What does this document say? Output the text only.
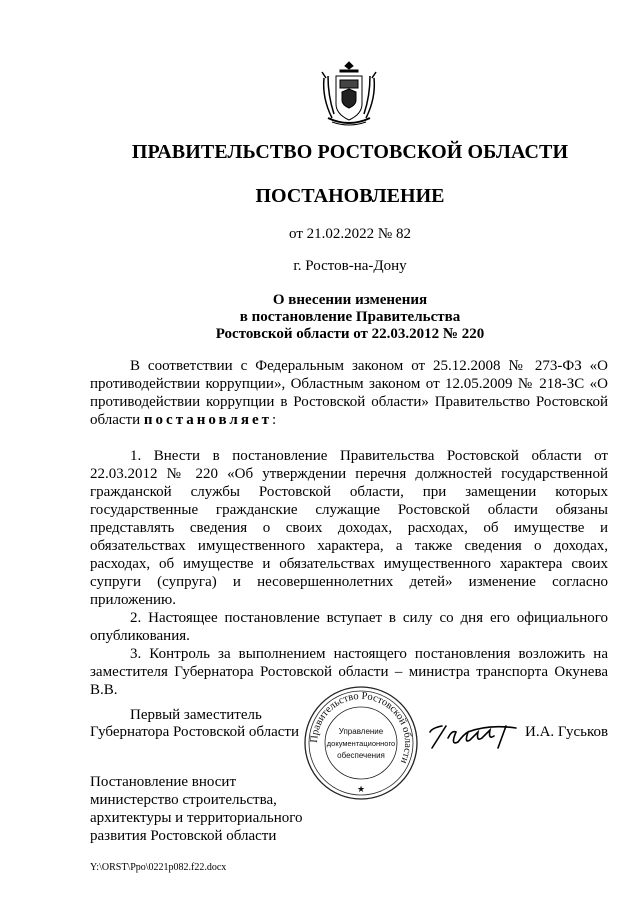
ПРАВИТЕЛЬСТВО РОСТОВСКОЙ ОБЛАСТИ
ПОСТАНОВЛЕНИЕ
от 21.02.2022 № 82
г. Ростов-на-Дону
О внесении изменения
в постановление Правительства
Ростовской области от 22.03.2012 № 220

В соответствии с Федеральным законом от 25.12.2008 № 273-ФЗ «О противодействии коррупции», Областным законом от 12.05.2009 № 218-ЗС «О противодействии коррупции в Ростовской области» Правительство Ростовской области постановляет:

1. Внести в постановление Правительства Ростовской области от 22.03.2012 № 220 «Об утверждении перечня должностей государственной гражданской службы Ростовской области, при замещении которых государственные гражданские служащие Ростовской области обязаны представлять сведения о своих доходах, расходах, об имуществе и обязательствах имущественного характера, а также сведения о доходах, расходах, об имуществе и обязательствах имущественного характера своих супруги (супруга) и несовершеннолетних детей» изменение согласно приложению.

2. Настоящее постановление вступает в силу со дня его официального опубликования.

3. Контроль за выполнением настоящего постановления возложить на заместителя Губернатора Ростовской области – министра транспорта Окунева В.В.

Первый заместитель
Губернатора Ростовской области Правительство Ростовской области
Управление
документационного
обеспечения
★
И.А. Гуськов
Постановление вносит
министерство строительства,
архитектуры и территориального
развития Ростовской области
Y:\ORST\Ppo\0221p082.f22.docx
